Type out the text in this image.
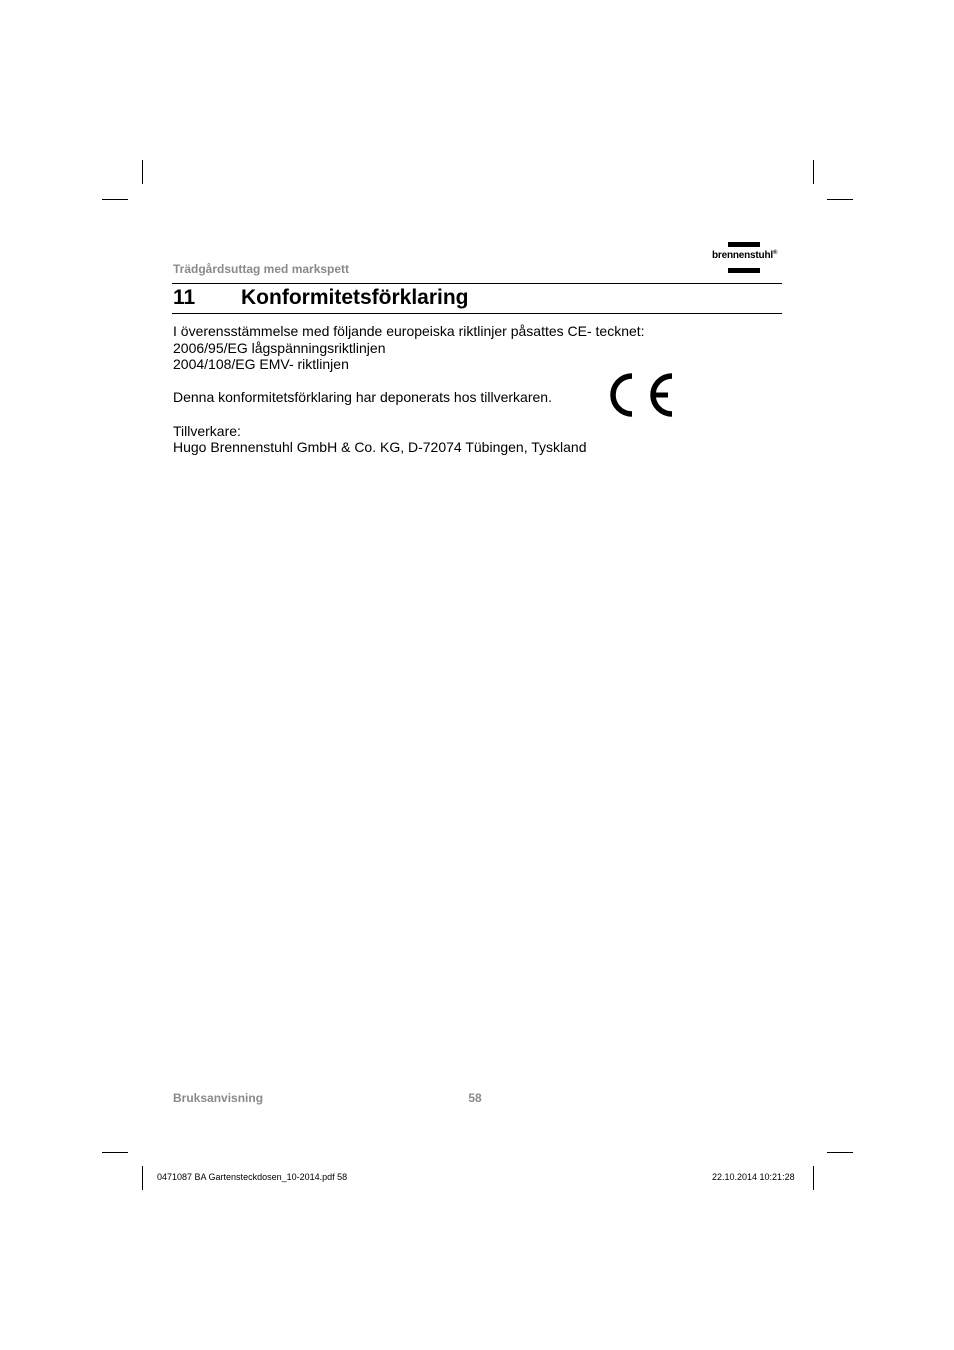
Trädgårdsuttag med markspett
brennenstuhl®
11 Konformitetsförklaring
I överensstämmelse med följande europeiska riktlinjer påsattes CE- tecknet:
2006/95/EG lågspänningsriktlinjen
2004/108/EG EMV- riktlinjen
Denna konformitetsförklaring har deponerats hos tillverkaren.
Tillverkare:
Hugo Brennenstuhl GmbH & Co. KG, D-72074 Tübingen, Tyskland
Bruksanvisning	58
0471087 BA Gartensteckdosen_10-2014.pdf 58	22.10.2014 10:21:28
